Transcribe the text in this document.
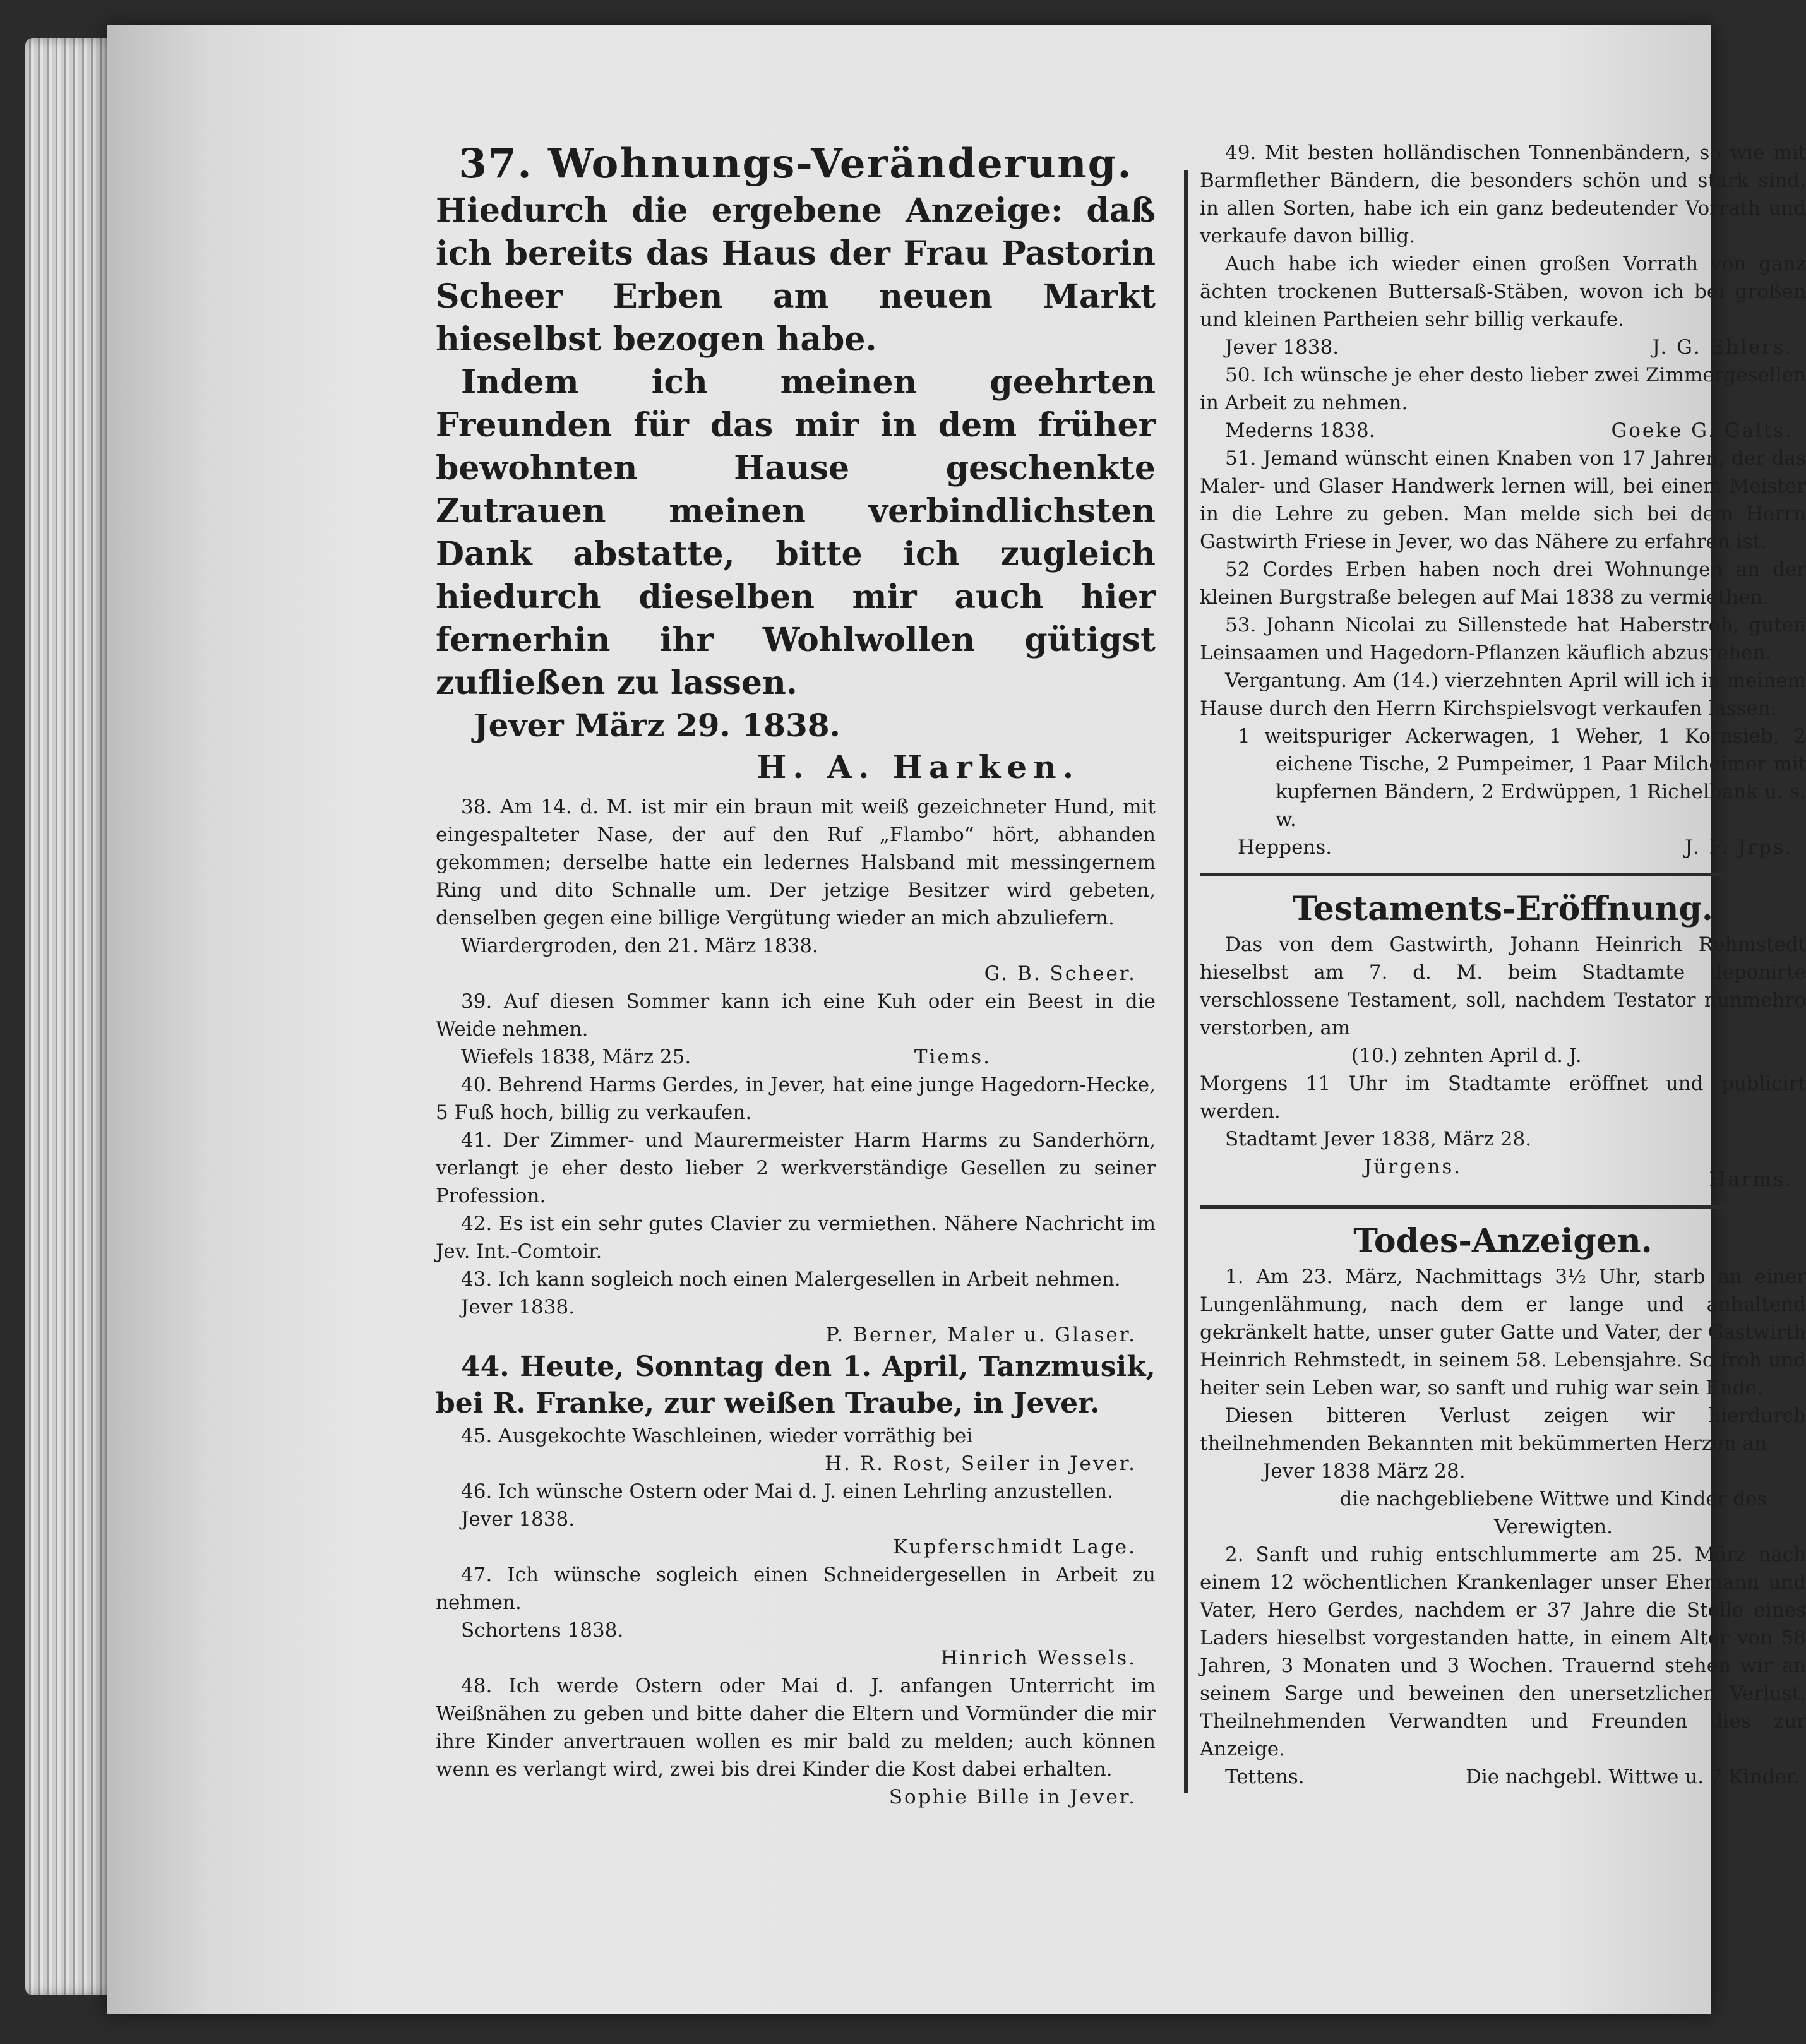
37. Wohnungs-Veränderung.

Hiedurch die ergebene Anzeige: daß ich bereits das Haus der Frau Pastorin Scheer Erben am neuen Markt hieselbst bezogen habe.

Indem ich meinen geehrten Freunden für das mir in dem früher bewohnten Hause geschenkte Zutrauen meinen verbindlichsten Dank abstatte, bitte ich zugleich hiedurch dieselben mir auch hier fernerhin ihr Wohlwollen gütigst zufließen zu lassen.

Jever März 29. 1838.
H. A. Harken.

38. Am 14. d. M. ist mir ein braun mit weiß gezeichneter Hund, mit eingespalteter Nase, der auf den Ruf „Flambo“ hört, abhanden gekommen; derselbe hatte ein ledernes Halsband mit messingernem Ring und dito Schnalle um. Der jetzige Besitzer wird gebeten, denselben gegen eine billige Vergütung wieder an mich abzuliefern.

Wiardergroden, den 21. März 1838.

G. B. Scheer.

39. Auf diesen Sommer kann ich eine Kuh oder ein Beest in die Weide nehmen.

Wiefels 1838, März 25.	Tiems.

40. Behrend Harms Gerdes, in Jever, hat eine junge Hagedorn-Hecke, 5 Fuß hoch, billig zu verkaufen.

41. Der Zimmer- und Maurermeister Harm Harms zu Sanderhörn, verlangt je eher desto lieber 2 werkverständige Gesellen zu seiner Profession.

42. Es ist ein sehr gutes Clavier zu vermiethen. Nähere Nachricht im Jev. Int.-Comtoir.

43. Ich kann sogleich noch einen Malergesellen in Arbeit nehmen.

Jever 1838.

P. Berner, Maler u. Glaser.

44. Heute, Sonntag den 1. April, Tanzmusik, bei R. Franke, zur weißen Traube, in Jever.

45. Ausgekochte Waschleinen, wieder vorräthig bei

H. R. Rost, Seiler in Jever.

46. Ich wünsche Ostern oder Mai d. J. einen Lehrling anzustellen.

Jever 1838.

Kupferschmidt Lage.

47. Ich wünsche sogleich einen Schneidergesellen in Arbeit zu nehmen.

Schortens 1838.

Hinrich Wessels.

48. Ich werde Ostern oder Mai d. J. anfangen Unterricht im Weißnähen zu geben und bitte daher die Eltern und Vormünder die mir ihre Kinder anvertrauen wollen es mir bald zu melden; auch können wenn es verlangt wird, zwei bis drei Kinder die Kost dabei erhalten.

Sophie Bille in Jever.

49. Mit besten holländischen Tonnenbändern, so wie mit Barmflether Bändern, die besonders schön und stark sind, in allen Sorten, habe ich ein ganz bedeutender Vorrath und verkaufe davon billig.

Auch habe ich wieder einen großen Vorrath von ganz ächten trockenen Buttersaß-Stäben, wovon ich bei großen und kleinen Partheien sehr billig verkaufe.

Jever 1838.	J. G. Ehlers.

50. Ich wünsche je eher desto lieber zwei Zimmergesellen in Arbeit zu nehmen.

Mederns 1838.	Goeke G. Galts.

51. Jemand wünscht einen Knaben von 17 Jahren, der das Maler- und Glaser Handwerk lernen will, bei einem Meister in die Lehre zu geben. Man melde sich bei dem Herrn Gastwirth Friese in Jever, wo das Nähere zu erfahren ist.

52 Cordes Erben haben noch drei Wohnungen an der kleinen Burgstraße belegen auf Mai 1838 zu vermiethen.

53. Johann Nicolai zu Sillenstede hat Haberstroh, guten Leinsaamen und Hagedorn-Pflanzen käuflich abzustehen.

Vergantung. Am (14.) vierzehnten April will ich in meinem Hause durch den Herrn Kirchspielsvogt verkaufen lassen:

1 weitspuriger Ackerwagen, 1 Weher, 1 Kornsieb, 2 eichene Tische, 2 Pumpeimer, 1 Paar Milcheimer mit kupfernen Bändern, 2 Erdwüppen, 1 Richelbank u. s. w.

Heppens.	J. F. Jrps.
Testaments-Eröffnung.

Das von dem Gastwirth, Johann Heinrich Rehmstedt hieselbst am 7. d. M. beim Stadtamte deponirte verschlossene Testament, soll, nachdem Testator nunmehro verstorben, am

(10.) zehnten April d. J.

Morgens 11 Uhr im Stadtamte eröffnet und publicirt werden.

Stadtamt Jever 1838, März 28.

Jürgens.
Harms.
Todes-Anzeigen.

1. Am 23. März, Nachmittags 3½ Uhr, starb an einer Lungenlähmung, nach dem er lange und anhaltend gekränkelt hatte, unser guter Gatte und Vater, der Gastwirth Heinrich Rehmstedt, in seinem 58. Lebensjahre. So froh und heiter sein Leben war, so sanft und ruhig war sein Ende.

Diesen bitteren Verlust zeigen wir hierdurch theilnehmenden Bekannten mit bekümmerten Herzen an

Jever 1838 März 28.

die nachgebliebene Wittwe und Kinder des Verewigten.

2. Sanft und ruhig entschlummerte am 25. März nach einem 12 wöchentlichen Krankenlager unser Ehemann und Vater, Hero Gerdes, nachdem er 37 Jahre die Stelle eines Laders hieselbst vorgestanden hatte, in einem Alter von 58 Jahren, 3 Monaten und 3 Wochen. Trauernd stehen wir an seinem Sarge und beweinen den unersetzlichen Verlust. Theilnehmenden Verwandten und Freunden dies zur Anzeige.

Tettens.	Die nachgebl. Wittwe u. 7 Kinder.
